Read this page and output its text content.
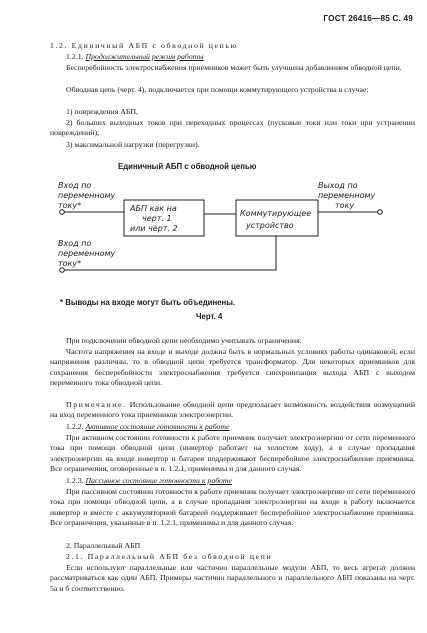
ГОСТ 26416—85 С. 49
1.2. Единичный АБП с обводной цепью
1.2.1. Продолжительный режим работы
Бесперебойность электроснабжения приемников может быть улучшена добавлением обводной цепи.
Обводная цепь (черт. 4), подключается при помощи коммутирующего устройства в случае:
1) повреждения АБП,
2) больших выходных токов при переходных процессах (пусковые токи или токи при устранении повреждений);
3) максимальной нагрузки (перегрузки).
Единичный АБП с обводной цепью
Вход по
переменному
току*
Выход по
переменному
току
АБП как на
черт. 1
или черт. 2
Коммутирующее
устройство
Вход по
переменному
току*
* Выводы на входе могут быть объединены.
Черт. 4
При подключении обводной цепи необходимо учитывать ограничения:
Частота напряжения на входе и выходе должна быть в нормальных условиях работы одинаковой, если напряжения различны, то в обводной цепи требуется трансформатор. Для некоторых приемников для сохранения бесперебойности электроснабжения требуется синхронизация выхода АБП с выходом переменного тока обводной цепи.
Примечание. Использование обводной цепи предполагает возможность воздействия возмущений на вход переменного тока приемников электроэнергии.
1.2.2. Активное состояние готовности к работе
При активном состоянии готовности к работе приемник получает электроэнергию от сети переменного тока при помощи обводной цепи (инвертор работает на холостом ходу), а в случае пропадания электроэнергии на входе инвертор и батарея поддерживают бесперебойное электроснабжение приемника. Все ограничения, оговоренные в п. 1.2.1, применимы и для данного случая.
1.2.3. Пассивное состояние готовности к работе
При пассивном состоянии готовности к работе приемник получает электроэнергию от сети переменного тока при помощи обводной цепи, а в случае пропадания электроэнергии на входе в работу включается инвертор и вместе с аккумуляторной батареей поддерживает бесперебойное электроснабжение приемника. Все ограничения, указанные в п. 1.2.1, применимы и для данного случая.
2. Параллельный АБП
2.1. Параллельный АБП без обводной цепи
Если используют параллельные или частично параллельные модули АБП, то весь агрегат должен рассматриваться как один АБП. Примеры частично параллельного и параллельного АБП показаны на черт. 5а и б соответственно.
